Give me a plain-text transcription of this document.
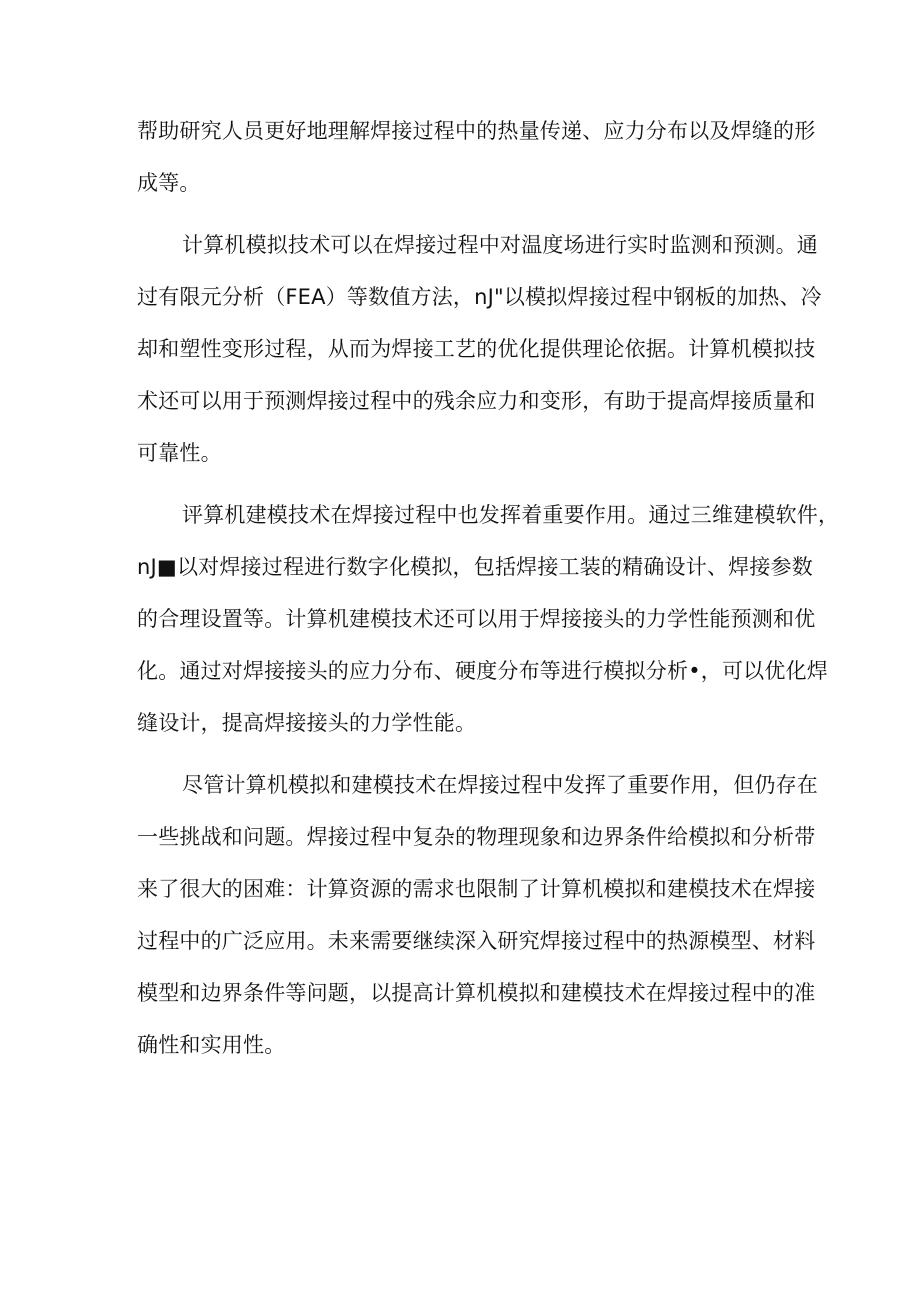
帮助研究人员更好地理解焊接过程中的热量传递、应力分布以及焊缝的形
成等。
计算机模拟技术可以在焊接过程中对温度场进行实时监测和预测。通
过有限元分析（FEA）等数值方法，nJ"以模拟焊接过程中钢板的加热、冷
却和塑性变形过程，从而为焊接工艺的优化提供理论依据。计算机模拟技
术还可以用于预测焊接过程中的残余应力和变形，有助于提高焊接质量和
可靠性。
评算机建模技术在焊接过程中也发挥着重要作用。通过三维建模软件，
nJ■以对焊接过程进行数字化模拟，包括焊接工装的精确设计、焊接参数
的合理设置等。计算机建模技术还可以用于焊接接头的力学性能预测和优
化。通过对焊接接头的应力分布、硬度分布等进行模拟分析•，可以优化焊
缝设计，提高焊接接头的力学性能。
尽管计算机模拟和建模技术在焊接过程中发挥了重要作用，但仍存在
一些挑战和问题。焊接过程中复杂的物理现象和边界条件给模拟和分析带
来了很大的困难：计算资源的需求也限制了计算机模拟和建模技术在焊接
过程中的广泛应用。未来需要继续深入研究焊接过程中的热源模型、材料
模型和边界条件等问题，以提高计算机模拟和建模技术在焊接过程中的准
确性和实用性。
